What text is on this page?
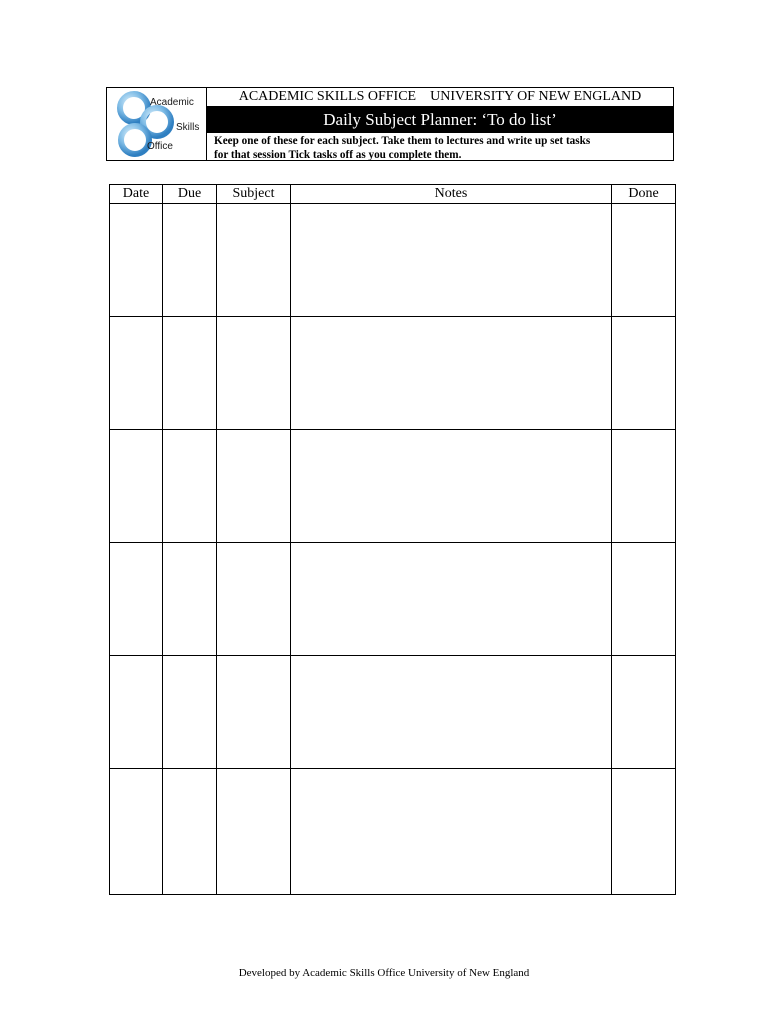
Academic
Skills
Office
ACADEMIC SKILLS OFFICE UNIVERSITY OF NEW ENGLAND
Daily Subject Planner: ‘To do list’
Keep one of these for each subject. Take them to lectures and write up set tasks
for that session Tick tasks off as you complete them.
Date	Due	Subject	Notes	Done

Developed by Academic Skills Office University of New England
